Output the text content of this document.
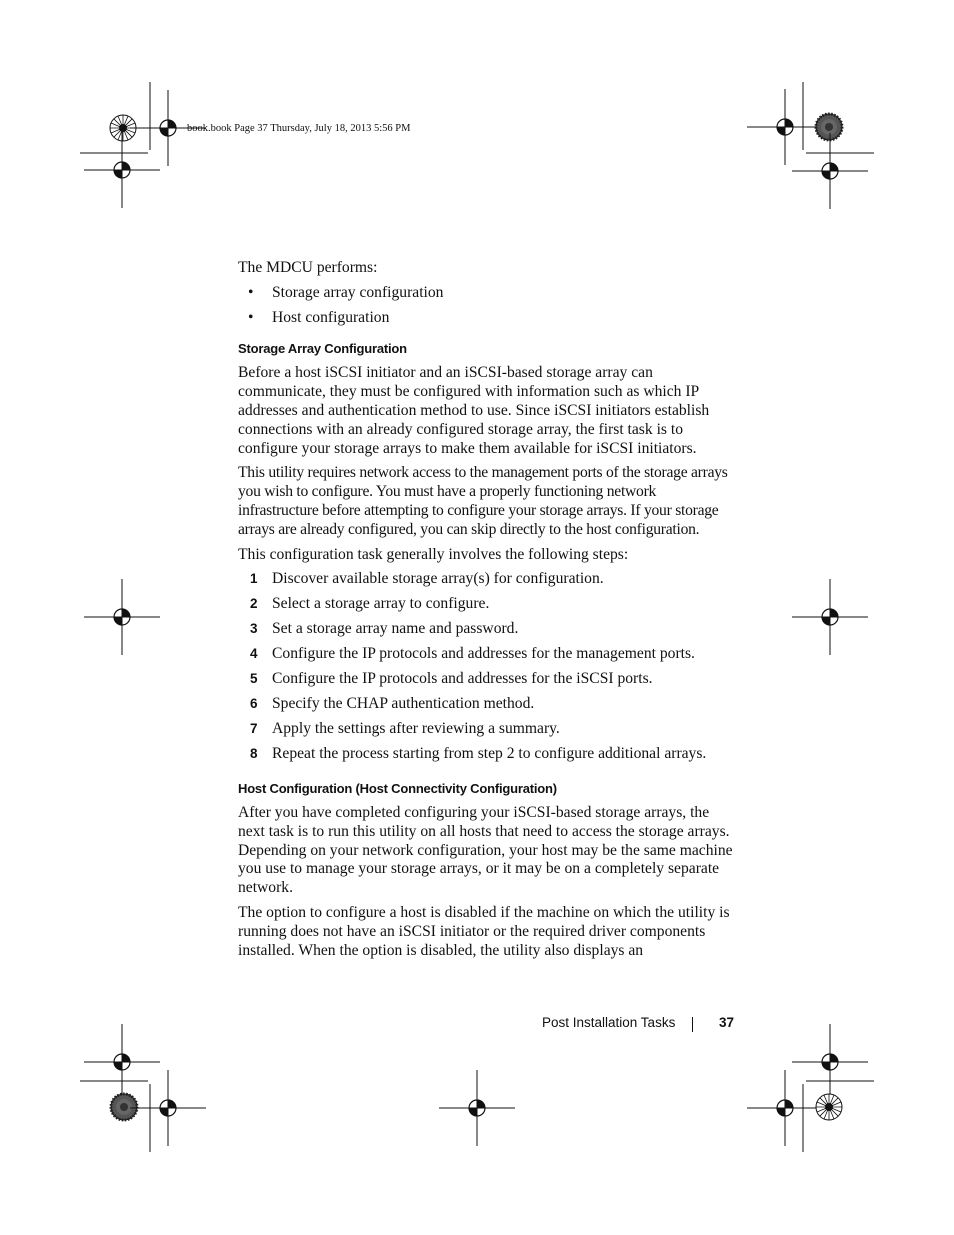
book.book Page 37 Thursday, July 18, 2013 5:56 PM

The MDCU performs:

• Storage array configuration
• Host configuration
Storage Array Configuration

Before a host iSCSI initiator and an iSCSI-based storage array can communicate, they must be configured with information such as which IP addresses and authentication method to use. Since iSCSI initiators establish connections with an already configured storage array, the first task is to configure your storage arrays to make them available for iSCSI initiators.

This utility requires network access to the management ports of the storage arrays you wish to configure. You must have a properly functioning network infrastructure before attempting to configure your storage arrays. If your storage arrays are already configured, you can skip directly to the host configuration.

This configuration task generally involves the following steps:

1 Discover available storage array(s) for configuration.
2 Select a storage array to configure.
3 Set a storage array name and password.
4 Configure the IP protocols and addresses for the management ports.
5 Configure the IP protocols and addresses for the iSCSI ports.
6 Specify the CHAP authentication method.
7 Apply the settings after reviewing a summary.
8 Repeat the process starting from step 2 to configure additional arrays.
Host Configuration (Host Connectivity Configuration)

After you have completed configuring your iSCSI-based storage arrays, the next task is to run this utility on all hosts that need to access the storage arrays. Depending on your network configuration, your host may be the same machine you use to manage your storage arrays, or it may be on a completely separate network.

The option to configure a host is disabled if the machine on which the utility is running does not have an iSCSI initiator or the required driver components installed. When the option is disabled, the utility also displays an

Post Installation Tasks	37
